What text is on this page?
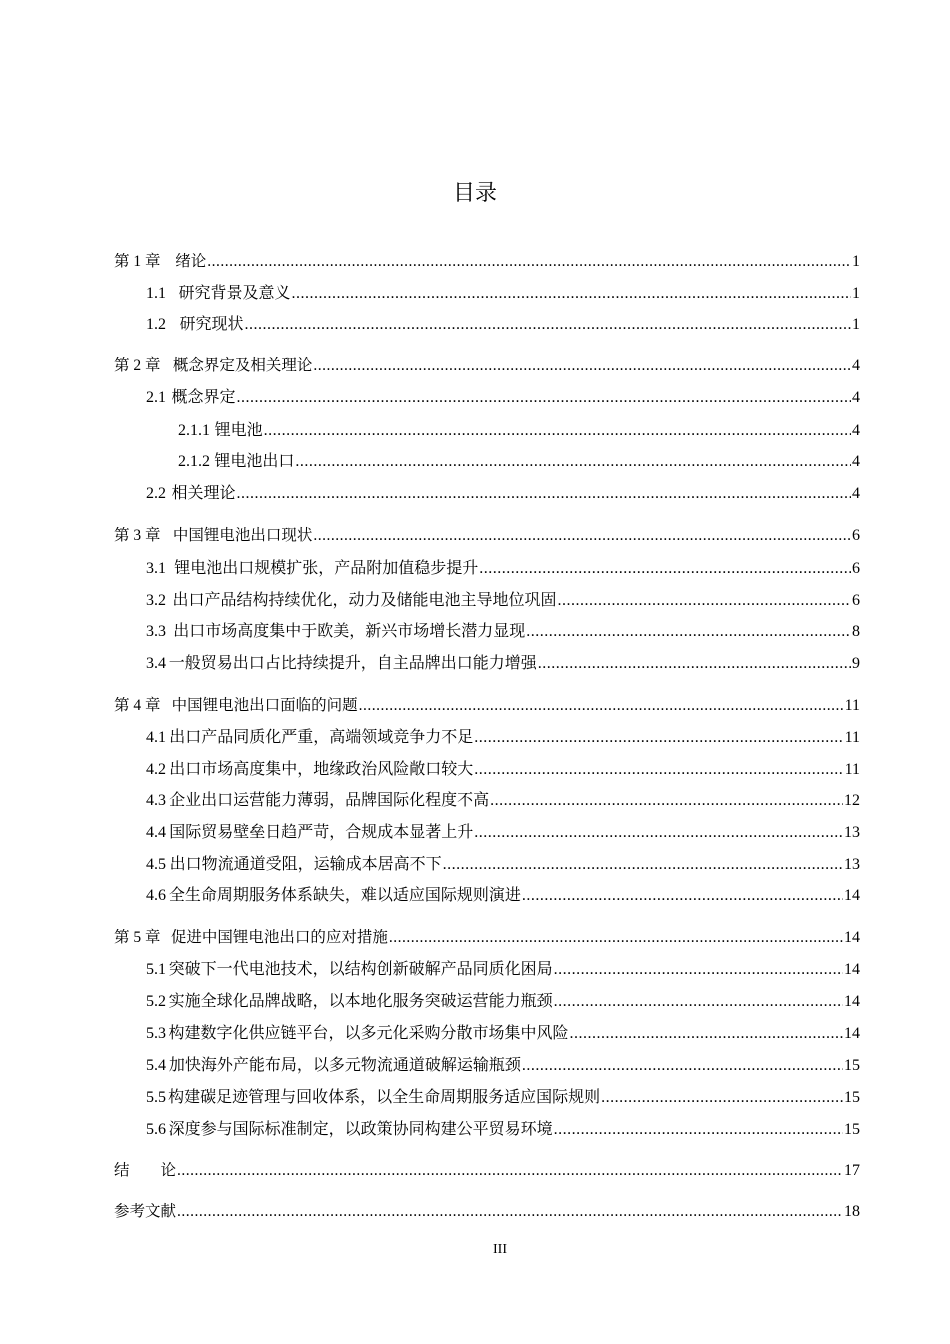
目录
第 1 章 绪论 .....	1
1.1 研究背景及意义 .....	1
1.2 研究现状 .....	1
第 2 章 概念界定及相关理论 .....	4
2.1 概念界定 .....	4
2.1.1 锂电池 .....	4
2.1.2 锂电池出口 .....	4
2.2 相关理论 .....	4
第 3 章 中国锂电池出口现状 .....	6
3.1 锂电池出口规模扩张，产品附加值稳步提升 .....	6
3.2 出口产品结构持续优化，动力及储能电池主导地位巩固 .....	6
3.3 出口市场高度集中于欧美，新兴市场增长潜力显现 .....	8
3.4 一般贸易出口占比持续提升，自主品牌出口能力增强 .....	9
第 4 章 中国锂电池出口面临的问题 .....	11
4.1 出口产品同质化严重，高端领域竞争力不足 .....	11
4.2 出口市场高度集中，地缘政治风险敞口较大 .....	11
4.3 企业出口运营能力薄弱，品牌国际化程度不高 .....	12
4.4 国际贸易壁垒日趋严苛，合规成本显著上升 .....	13
4.5 出口物流通道受阻，运输成本居高不下 .....	13
4.6 全生命周期服务体系缺失，难以适应国际规则演进 .....	14
第 5 章 促进中国锂电池出口的应对措施 .....	14
5.1 突破下一代电池技术，以结构创新破解产品同质化困局 .....	14
5.2 实施全球化品牌战略，以本地化服务突破运营能力瓶颈 .....	14
5.3 构建数字化供应链平台，以多元化采购分散市场集中风险 .....	14
5.4 加快海外产能布局，以多元物流通道破解运输瓶颈 .....	15
5.5 构建碳足迹管理与回收体系，以全生命周期服务适应国际规则 .....	15
5.6 深度参与国际标准制定，以政策协同构建公平贸易环境 .....	15
结　　论 .....	17
参考文献 .....	18
III
